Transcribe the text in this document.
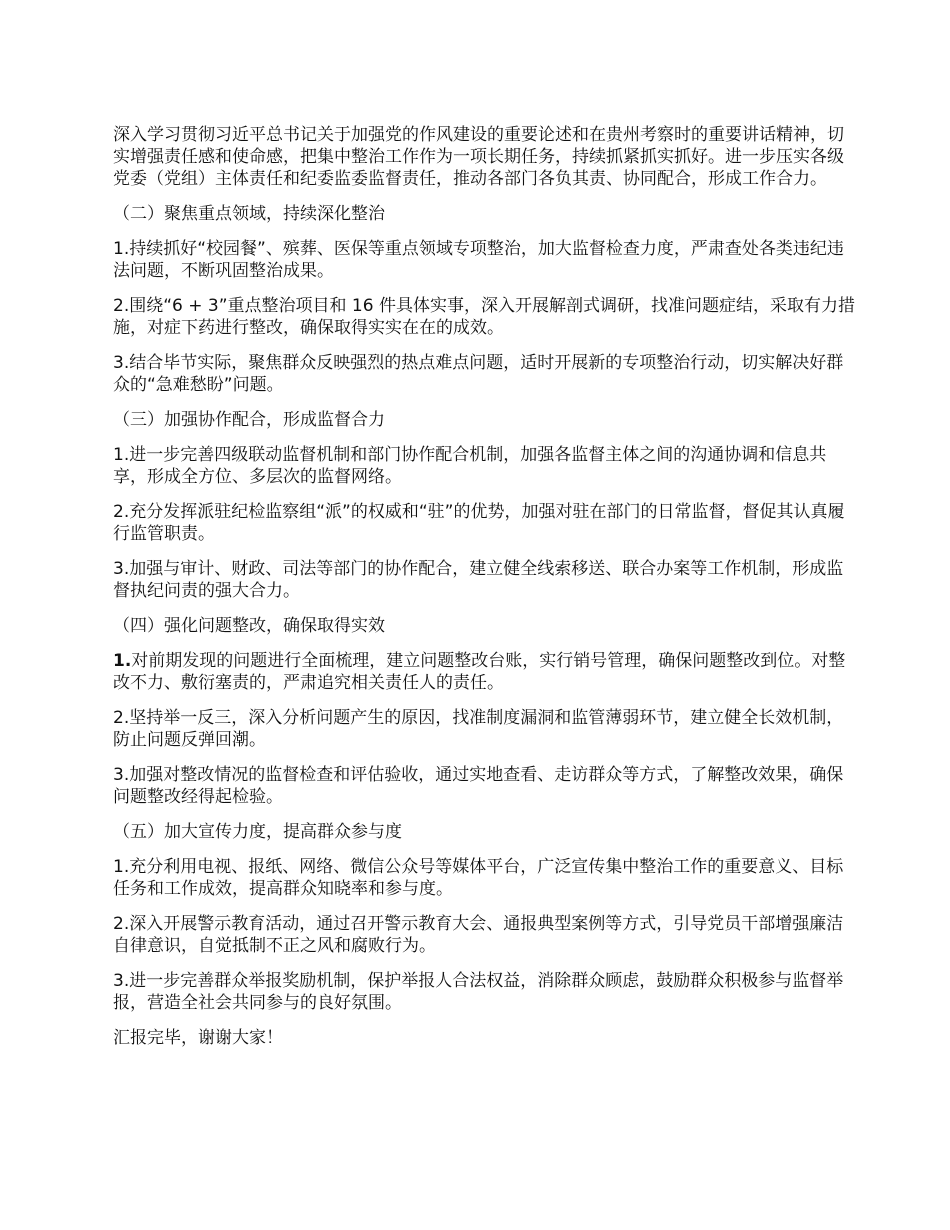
深入学习贯彻习近平总书记关于加强党的作风建设的重要论述和在贵州考察时的重要讲话精神，切实增强责任感和使命感，把集中整治工作作为一项长期任务，持续抓紧抓实抓好。进一步压实各级党委（党组）主体责任和纪委监委监督责任，推动各部门各负其责、协同配合，形成工作合力。

（二）聚焦重点领域，持续深化整治

1.持续抓好“校园餐”、殡葬、医保等重点领域专项整治，加大监督检查力度，严肃查处各类违纪违法问题，不断巩固整治成果。

2.围绕“6 + 3”重点整治项目和 16 件具体实事，深入开展解剖式调研，找准问题症结，采取有力措施，对症下药进行整改，确保取得实实在在的成效。

3.结合毕节实际，聚焦群众反映强烈的热点难点问题，适时开展新的专项整治行动，切实解决好群众的“急难愁盼”问题。

（三）加强协作配合，形成监督合力

1.进一步完善四级联动监督机制和部门协作配合机制，加强各监督主体之间的沟通协调和信息共享，形成全方位、多层次的监督网络。

2.充分发挥派驻纪检监察组“派”的权威和“驻”的优势，加强对驻在部门的日常监督，督促其认真履行监管职责。

3.加强与审计、财政、司法等部门的协作配合，建立健全线索移送、联合办案等工作机制，形成监督执纪问责的强大合力。

（四）强化问题整改，确保取得实效

1.对前期发现的问题进行全面梳理，建立问题整改台账，实行销号管理，确保问题整改到位。对整改不力、敷衍塞责的，严肃追究相关责任人的责任。

2.坚持举一反三，深入分析问题产生的原因，找准制度漏洞和监管薄弱环节，建立健全长效机制，防止问题反弹回潮。

3.加强对整改情况的监督检查和评估验收，通过实地查看、走访群众等方式，了解整改效果，确保问题整改经得起检验。

（五）加大宣传力度，提高群众参与度

1.充分利用电视、报纸、网络、微信公众号等媒体平台，广泛宣传集中整治工作的重要意义、目标任务和工作成效，提高群众知晓率和参与度。

2.深入开展警示教育活动，通过召开警示教育大会、通报典型案例等方式，引导党员干部增强廉洁自律意识，自觉抵制不正之风和腐败行为。

3.进一步完善群众举报奖励机制，保护举报人合法权益，消除群众顾虑，鼓励群众积极参与监督举报，营造全社会共同参与的良好氛围。

汇报完毕，谢谢大家！
